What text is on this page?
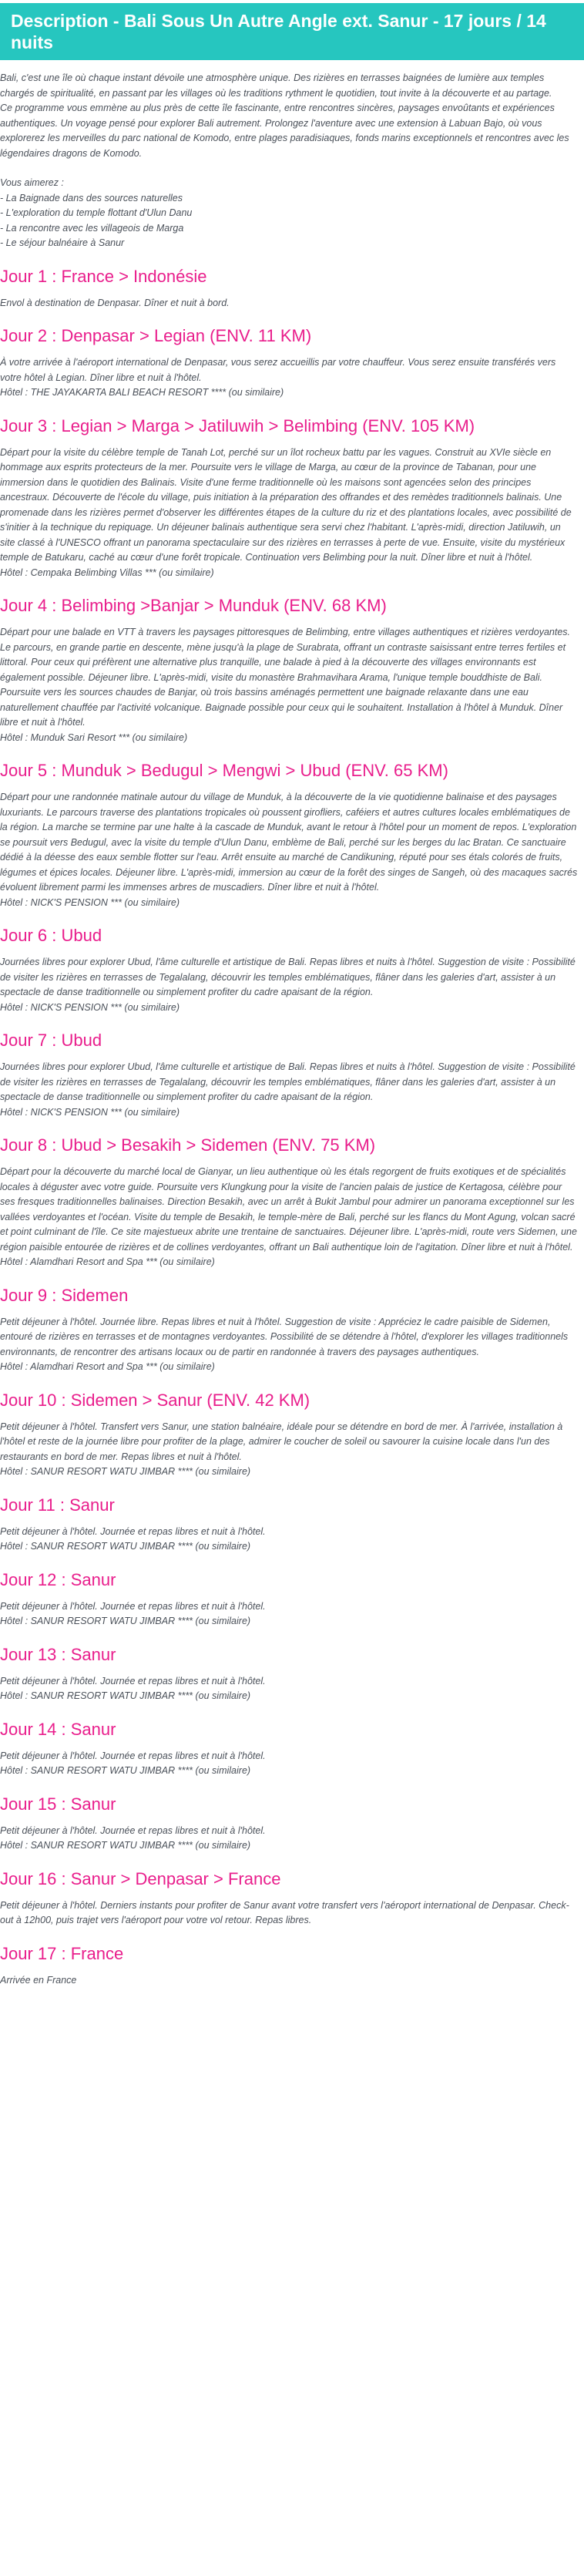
Description - Bali Sous Un Autre Angle ext. Sanur - 17 jours / 14 nuits

Bali, c'est une île où chaque instant dévoile une atmosphère unique. Des rizières en terrasses baignées de lumière aux temples chargés de spiritualité, en passant par les villages où les traditions rythment le quotidien, tout invite à la découverte et au partage.

Ce programme vous emmène au plus près de cette île fascinante, entre rencontres sincères, paysages envoûtants et expériences authentiques. Un voyage pensé pour explorer Bali autrement. Prolongez l'aventure avec une extension à Labuan Bajo, où vous explorerez les merveilles du parc national de Komodo, entre plages paradisiaques, fonds marins exceptionnels et rencontres avec les légendaires dragons de Komodo.

Vous aimerez :

- La Baignade dans des sources naturelles

- L'exploration du temple flottant d'Ulun Danu

- La rencontre avec les villageois de Marga

- Le séjour balnéaire à Sanur

Jour 1 : France > Indonésie

Envol à destination de Denpasar. Dîner et nuit à bord.

Jour 2 : Denpasar > Legian (ENV. 11 KM)

À votre arrivée à l'aéroport international de Denpasar, vous serez accueillis par votre chauffeur. Vous serez ensuite transférés vers votre hôtel à Legian. Dîner libre et nuit à l'hôtel.

Hôtel : THE JAYAKARTA BALI BEACH RESORT **** (ou similaire)

Jour 3 : Legian > Marga > Jatiluwih > Belimbing (ENV. 105 KM)

Départ pour la visite du célèbre temple de Tanah Lot, perché sur un îlot rocheux battu par les vagues. Construit au XVIe siècle en hommage aux esprits protecteurs de la mer. Poursuite vers le village de Marga, au cœur de la province de Tabanan, pour une immersion dans le quotidien des Balinais. Visite d'une ferme traditionnelle où les maisons sont agencées selon des principes ancestraux. Découverte de l'école du village, puis initiation à la préparation des offrandes et des remèdes traditionnels balinais. Une promenade dans les rizières permet d'observer les différentes étapes de la culture du riz et des plantations locales, avec possibilité de s'initier à la technique du repiquage. Un déjeuner balinais authentique sera servi chez l'habitant. L'après-midi, direction Jatiluwih, un site classé à l'UNESCO offrant un panorama spectaculaire sur des rizières en terrasses à perte de vue. Ensuite, visite du mystérieux temple de Batukaru, caché au cœur d'une forêt tropicale. Continuation vers Belimbing pour la nuit. Dîner libre et nuit à l'hôtel.

Hôtel : Cempaka Belimbing Villas *** (ou similaire)

Jour 4 : Belimbing >Banjar > Munduk (ENV. 68 KM)

Départ pour une balade en VTT à travers les paysages pittoresques de Belimbing, entre villages authentiques et rizières verdoyantes. Le parcours, en grande partie en descente, mène jusqu'à la plage de Surabrata, offrant un contraste saisissant entre terres fertiles et littoral. Pour ceux qui préfèrent une alternative plus tranquille, une balade à pied à la découverte des villages environnants est également possible. Déjeuner libre. L'après-midi, visite du monastère Brahmavihara Arama, l'unique temple bouddhiste de Bali. Poursuite vers les sources chaudes de Banjar, où trois bassins aménagés permettent une baignade relaxante dans une eau naturellement chauffée par l'activité volcanique. Baignade possible pour ceux qui le souhaitent. Installation à l'hôtel à Munduk. Dîner libre et nuit à l'hôtel.

Hôtel : Munduk Sari Resort *** (ou similaire)

Jour 5 : Munduk > Bedugul > Mengwi > Ubud (ENV. 65 KM)

Départ pour une randonnée matinale autour du village de Munduk, à la découverte de la vie quotidienne balinaise et des paysages luxuriants. Le parcours traverse des plantations tropicales où poussent girofliers, caféiers et autres cultures locales emblématiques de la région. La marche se termine par une halte à la cascade de Munduk, avant le retour à l'hôtel pour un moment de repos. L'exploration se poursuit vers Bedugul, avec la visite du temple d'Ulun Danu, emblème de Bali, perché sur les berges du lac Bratan. Ce sanctuaire dédié à la déesse des eaux semble flotter sur l'eau. Arrêt ensuite au marché de Candikuning, réputé pour ses étals colorés de fruits, légumes et épices locales. Déjeuner libre. L'après-midi, immersion au cœur de la forêt des singes de Sangeh, où des macaques sacrés évoluent librement parmi les immenses arbres de muscadiers. Dîner libre et nuit à l'hôtel.

Hôtel : NICK'S PENSION *** (ou similaire)

Jour 6 : Ubud

Journées libres pour explorer Ubud, l'âme culturelle et artistique de Bali. Repas libres et nuits à l'hôtel. Suggestion de visite : Possibilité de visiter les rizières en terrasses de Tegalalang, découvrir les temples emblématiques, flâner dans les galeries d'art, assister à un spectacle de danse traditionnelle ou simplement profiter du cadre apaisant de la région.

Hôtel : NICK'S PENSION *** (ou similaire)

Jour 7 : Ubud

Journées libres pour explorer Ubud, l'âme culturelle et artistique de Bali. Repas libres et nuits à l'hôtel. Suggestion de visite : Possibilité de visiter les rizières en terrasses de Tegalalang, découvrir les temples emblématiques, flâner dans les galeries d'art, assister à un spectacle de danse traditionnelle ou simplement profiter du cadre apaisant de la région.

Hôtel : NICK'S PENSION *** (ou similaire)

Jour 8 : Ubud > Besakih > Sidemen (ENV. 75 KM)

Départ pour la découverte du marché local de Gianyar, un lieu authentique où les étals regorgent de fruits exotiques et de spécialités locales à déguster avec votre guide. Poursuite vers Klungkung pour la visite de l'ancien palais de justice de Kertagosa, célèbre pour ses fresques traditionnelles balinaises. Direction Besakih, avec un arrêt à Bukit Jambul pour admirer un panorama exceptionnel sur les vallées verdoyantes et l'océan. Visite du temple de Besakih, le temple-mère de Bali, perché sur les flancs du Mont Agung, volcan sacré et point culminant de l'île. Ce site majestueux abrite une trentaine de sanctuaires. Déjeuner libre. L'après-midi, route vers Sidemen, une région paisible entourée de rizières et de collines verdoyantes, offrant un Bali authentique loin de l'agitation. Dîner libre et nuit à l'hôtel.

Hôtel : Alamdhari Resort and Spa *** (ou similaire)

Jour 9 : Sidemen

Petit déjeuner à l'hôtel. Journée libre. Repas libres et nuit à l'hôtel. Suggestion de visite : Appréciez le cadre paisible de Sidemen, entouré de rizières en terrasses et de montagnes verdoyantes. Possibilité de se détendre à l'hôtel, d'explorer les villages traditionnels environnants, de rencontrer des artisans locaux ou de partir en randonnée à travers des paysages authentiques.

Hôtel : Alamdhari Resort and Spa *** (ou similaire)

Jour 10 : Sidemen > Sanur (ENV. 42 KM)

Petit déjeuner à l'hôtel. Transfert vers Sanur, une station balnéaire, idéale pour se détendre en bord de mer. À l'arrivée, installation à l'hôtel et reste de la journée libre pour profiter de la plage, admirer le coucher de soleil ou savourer la cuisine locale dans l'un des restaurants en bord de mer. Repas libres et nuit à l'hôtel.

Hôtel : SANUR RESORT WATU JIMBAR **** (ou similaire)

Jour 11 : Sanur

Petit déjeuner à l'hôtel. Journée et repas libres et nuit à l'hôtel.

Hôtel : SANUR RESORT WATU JIMBAR **** (ou similaire)

Jour 12 : Sanur

Petit déjeuner à l'hôtel. Journée et repas libres et nuit à l'hôtel.

Hôtel : SANUR RESORT WATU JIMBAR **** (ou similaire)

Jour 13 : Sanur

Petit déjeuner à l'hôtel. Journée et repas libres et nuit à l'hôtel.

Hôtel : SANUR RESORT WATU JIMBAR **** (ou similaire)

Jour 14 : Sanur

Petit déjeuner à l'hôtel. Journée et repas libres et nuit à l'hôtel.

Hôtel : SANUR RESORT WATU JIMBAR **** (ou similaire)

Jour 15 : Sanur

Petit déjeuner à l'hôtel. Journée et repas libres et nuit à l'hôtel.

Hôtel : SANUR RESORT WATU JIMBAR **** (ou similaire)

Jour 16 : Sanur > Denpasar > France

Petit déjeuner à l'hôtel. Derniers instants pour profiter de Sanur avant votre transfert vers l'aéroport international de Denpasar. Check-out à 12h00, puis trajet vers l'aéroport pour votre vol retour. Repas libres.

Jour 17 : France

Arrivée en France
